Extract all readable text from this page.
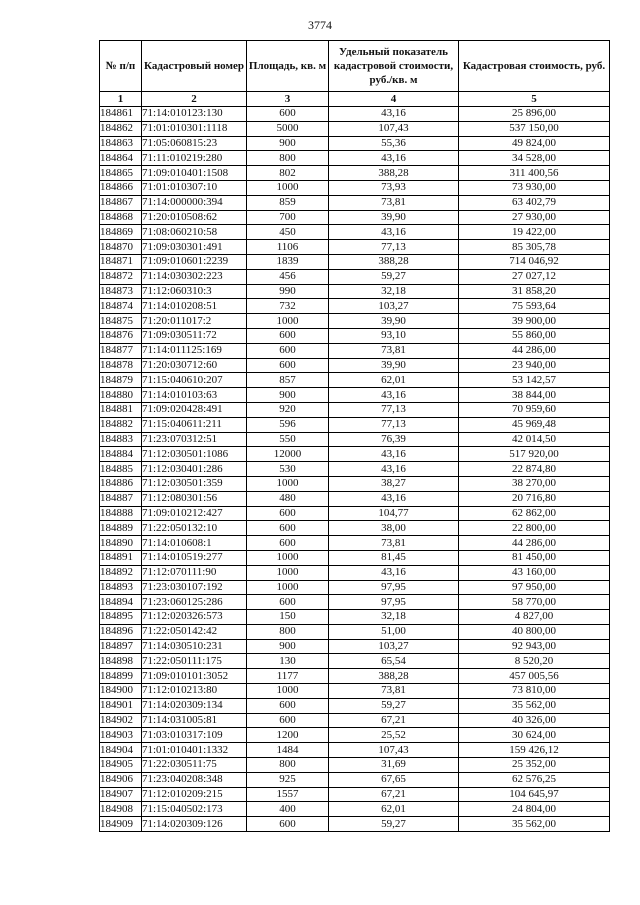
3774
№ п/п	Кадастровый номер	Площадь, кв. м	Удельный показатель кадастровой стоимости, руб./кв. м	Кадастровая стоимость, руб.
1	2	3	4	5
184861	71:14:010123:130	600	43,16	25 896,00
184862	71:01:010301:1118	5000	107,43	537 150,00
184863	71:05:060815:23	900	55,36	49 824,00
184864	71:11:010219:280	800	43,16	34 528,00
184865	71:09:010401:1508	802	388,28	311 400,56
184866	71:01:010307:10	1000	73,93	73 930,00
184867	71:14:000000:394	859	73,81	63 402,79
184868	71:20:010508:62	700	39,90	27 930,00
184869	71:08:060210:58	450	43,16	19 422,00
184870	71:09:030301:491	1106	77,13	85 305,78
184871	71:09:010601:2239	1839	388,28	714 046,92
184872	71:14:030302:223	456	59,27	27 027,12
184873	71:12:060310:3	990	32,18	31 858,20
184874	71:14:010208:51	732	103,27	75 593,64
184875	71:20:011017:2	1000	39,90	39 900,00
184876	71:09:030511:72	600	93,10	55 860,00
184877	71:14:011125:169	600	73,81	44 286,00
184878	71:20:030712:60	600	39,90	23 940,00
184879	71:15:040610:207	857	62,01	53 142,57
184880	71:14:010103:63	900	43,16	38 844,00
184881	71:09:020428:491	920	77,13	70 959,60
184882	71:15:040611:211	596	77,13	45 969,48
184883	71:23:070312:51	550	76,39	42 014,50
184884	71:12:030501:1086	12000	43,16	517 920,00
184885	71:12:030401:286	530	43,16	22 874,80
184886	71:12:030501:359	1000	38,27	38 270,00
184887	71:12:080301:56	480	43,16	20 716,80
184888	71:09:010212:427	600	104,77	62 862,00
184889	71:22:050132:10	600	38,00	22 800,00
184890	71:14:010608:1	600	73,81	44 286,00
184891	71:14:010519:277	1000	81,45	81 450,00
184892	71:12:070111:90	1000	43,16	43 160,00
184893	71:23:030107:192	1000	97,95	97 950,00
184894	71:23:060125:286	600	97,95	58 770,00
184895	71:12:020326:573	150	32,18	4 827,00
184896	71:22:050142:42	800	51,00	40 800,00
184897	71:14:030510:231	900	103,27	92 943,00
184898	71:22:050111:175	130	65,54	8 520,20
184899	71:09:010101:3052	1177	388,28	457 005,56
184900	71:12:010213:80	1000	73,81	73 810,00
184901	71:14:020309:134	600	59,27	35 562,00
184902	71:14:031005:81	600	67,21	40 326,00
184903	71:03:010317:109	1200	25,52	30 624,00
184904	71:01:010401:1332	1484	107,43	159 426,12
184905	71:22:030511:75	800	31,69	25 352,00
184906	71:23:040208:348	925	67,65	62 576,25
184907	71:12:010209:215	1557	67,21	104 645,97
184908	71:15:040502:173	400	62,01	24 804,00
184909	71:14:020309:126	600	59,27	35 562,00
